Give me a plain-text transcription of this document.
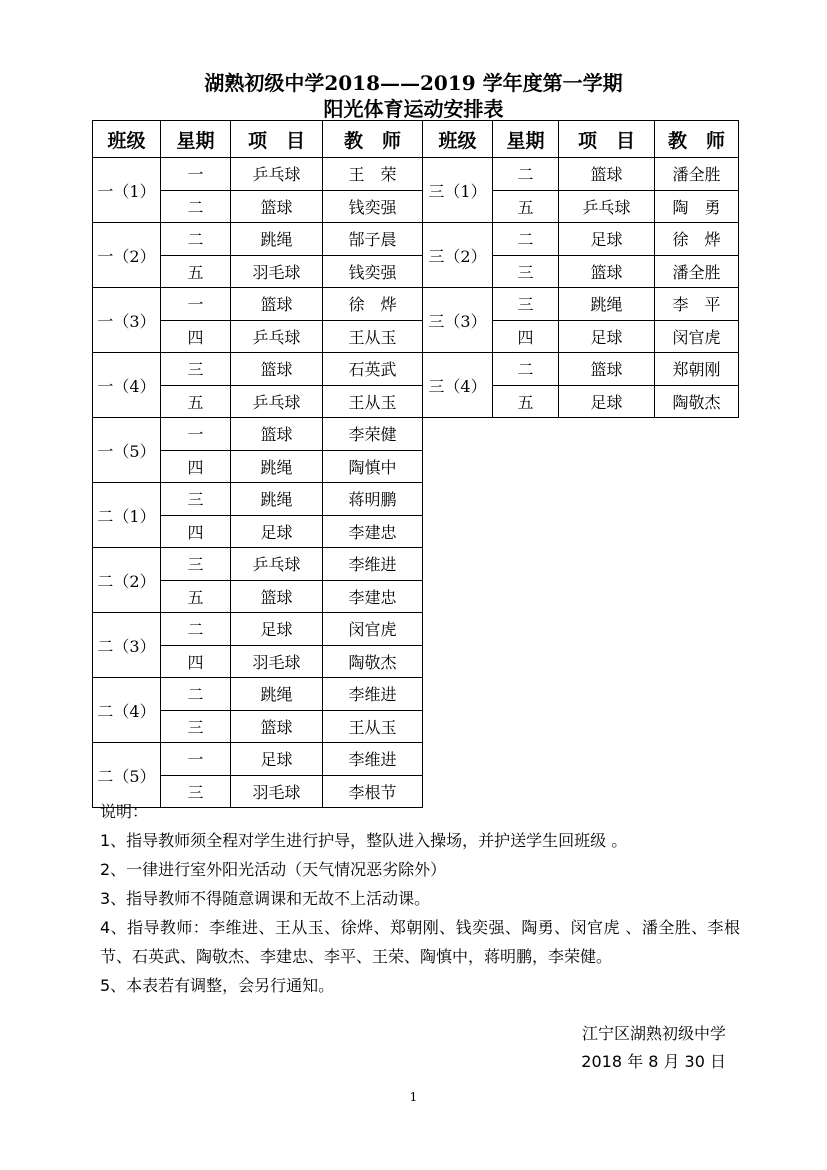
湖熟初级中学2018——2019 学年度第一学期
阳光体育运动安排表
班级	星期	项　目	教　师
一（1）	一	乒乓球	王　荣
	二	篮球	钱奕强
一（2）	二	跳绳	郜子晨
	五	羽毛球	钱奕强
一（3）	一	篮球	徐　烨
	四	乒乓球	王从玉
一（4）	三	篮球	石英武
	五	乒乓球	王从玉
一（5）	一	篮球	李荣健
	四	跳绳	陶慎中
二（1）	三	跳绳	蒋明鹏
	四	足球	李建忠
二（2）	三	乒乓球	李维进
	五	篮球	李建忠
二（3）	二	足球	闵官虎
	四	羽毛球	陶敬杰
二（4）	二	跳绳	李维进
	三	篮球	王从玉
二（5）	一	足球	李维进
	三	羽毛球	李根节
班级	星期	项　目	教　师
三（1）	二	篮球	潘全胜
	五	乒乓球	陶　勇
三（2）	二	足球	徐　烨
	三	篮球	潘全胜
三（3）	三	跳绳	李　平
	四	足球	闵官虎
三（4）	二	篮球	郑朝刚
	五	足球	陶敬杰

说明：

1、指导教师须全程对学生进行护导，整队进入操场，并护送学生回班级 。

2、一律进行室外阳光活动（天气情况恶劣除外）

3、指导教师不得随意调课和无故不上活动课。

4、指导教师：李维进、王从玉、徐烨、郑朝刚、钱奕强、陶勇、闵官虎 、潘全胜、李根节、石英武、陶敬杰、李建忠、李平、王荣、陶慎中，蒋明鹏，李荣健。

5、本表若有调整，会另行通知。

江宁区湖熟初级中学
2018 年 8 月 30 日
1
